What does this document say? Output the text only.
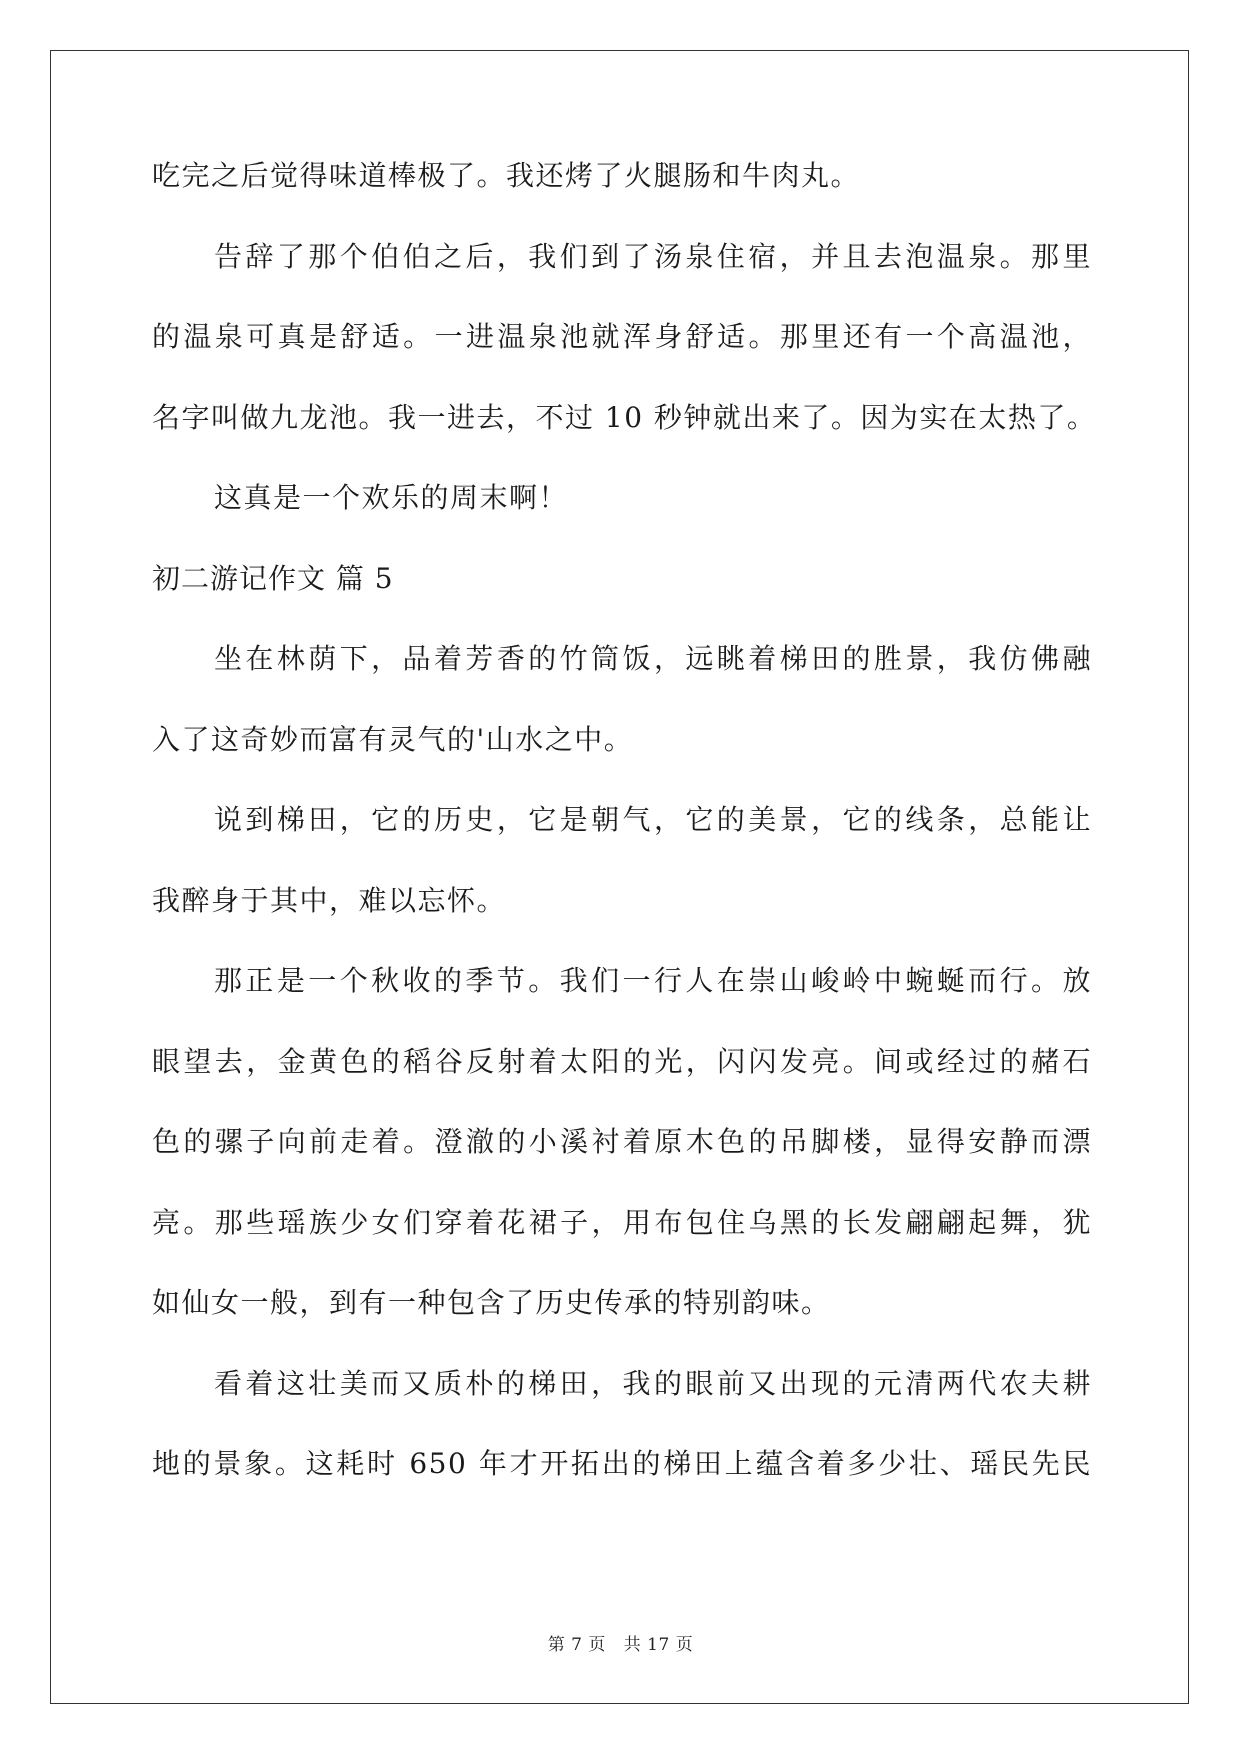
吃完之后觉得味道棒极了。我还烤了火腿肠和牛肉丸。
告辞了那个伯伯之后，我们到了汤泉住宿，并且去泡温泉。那里
的温泉可真是舒适。一进温泉池就浑身舒适。那里还有一个高温池，
名字叫做九龙池。我一进去，不过 10 秒钟就出来了。因为实在太热了。
这真是一个欢乐的周末啊！
初二游记作文 篇 5
坐在林荫下，品着芳香的竹筒饭，远眺着梯田的胜景，我仿佛融
入了这奇妙而富有灵气的'山水之中。
说到梯田，它的历史，它是朝气，它的美景，它的线条，总能让
我醉身于其中，难以忘怀。
那正是一个秋收的季节。我们一行人在崇山峻岭中蜿蜒而行。放
眼望去，金黄色的稻谷反射着太阳的光，闪闪发亮。间或经过的赭石
色的骡子向前走着。澄澈的小溪衬着原木色的吊脚楼，显得安静而漂
亮。那些瑶族少女们穿着花裙子，用布包住乌黑的长发翩翩起舞，犹
如仙女一般，到有一种包含了历史传承的特别韵味。
看着这壮美而又质朴的梯田，我的眼前又出现的元清两代农夫耕
地的景象。这耗时 650 年才开拓出的梯田上蕴含着多少壮、瑶民先民
第 7 页 共 17 页
